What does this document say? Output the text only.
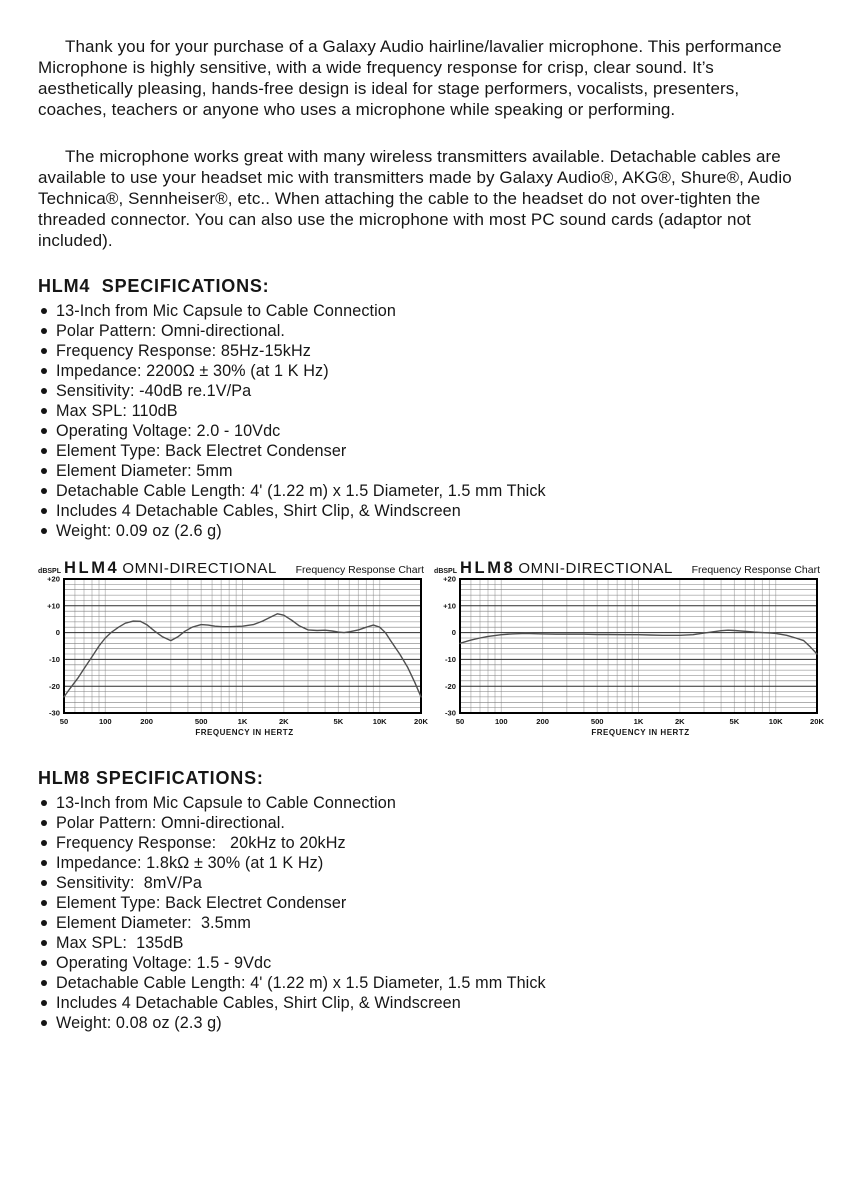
Thank you for your purchase of a Galaxy Audio hairline/lavalier microphone. This performance Microphone is highly sensitive, with a wide frequency response for crisp, clear sound. It’s aesthetically pleasing, hands-free design is ideal for stage performers, vocalists, presenters, coaches, teachers or anyone who uses a microphone while speaking or performing.

The microphone works great with many wireless transmitters available. Detachable cables are available to use your headset mic with transmitters made by Galaxy Audio®, AKG®, Shure®, Audio Technica®, Sennheiser®, etc.. When attaching the cable to the headset do not over-tighten the threaded connector. You can also use the microphone with most PC sound cards (adaptor not included).

HLM4  SPECIFICATIONS:
13-Inch from Mic Capsule to Cable Connection
Polar Pattern: Omni-directional.
Frequency Response: 85Hz-15kHz
Impedance: 2200Ω ± 30% (at 1 K Hz)
Sensitivity: -40dB re.1V/Pa
Max SPL: 110dB
Operating Voltage: 2.0 - 10Vdc
Element Type: Back Electret Condenser
Element Diameter: 5mm
Detachable Cable Length: 4' (1.22 m) x 1.5 Diameter, 1.5 mm Thick
Includes 4 Detachable Cables, Shirt Clip, & Windscreen
Weight: 0.09 oz (2.6 g)
dBSPL HLM4 OMNI-DIRECTIONAL Frequency Response Chart
+20
+10
0
-10
-20
-30
50	100	200	500	1K	2K	5K	10K	20K
FREQUENCY IN HERTZ
dBSPL HLM8 OMNI-DIRECTIONAL Frequency Response Chart
+20
+10
0
-10
-20
-30
50	100	200	500	1K	2K	5K	10K	20K
FREQUENCY IN HERTZ
HLM8 SPECIFICATIONS:
13-Inch from Mic Capsule to Cable Connection
Polar Pattern: Omni-directional.
Frequency Response:   20kHz to 20kHz
Impedance: 1.8kΩ ± 30% (at 1 K Hz)
Sensitivity:  8mV/Pa
Element Type: Back Electret Condenser
Element Diameter:  3.5mm
Max SPL:  135dB
Operating Voltage: 1.5 - 9Vdc
Detachable Cable Length: 4' (1.22 m) x 1.5 Diameter, 1.5 mm Thick
Includes 4 Detachable Cables, Shirt Clip, & Windscreen
Weight: 0.08 oz (2.3 g)
